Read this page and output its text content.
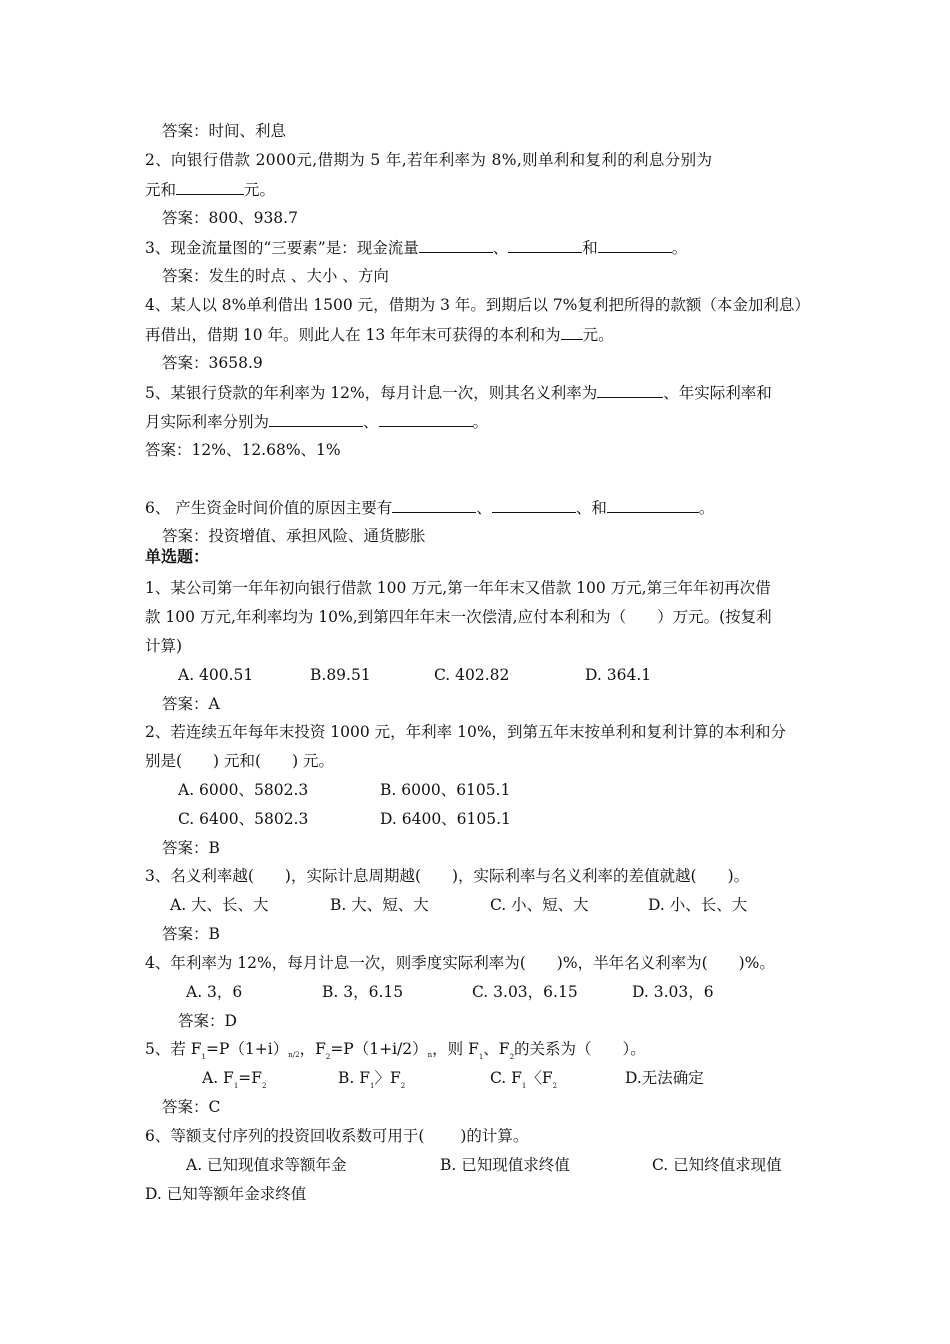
答案：时间、利息
2、向银行借款 2000元,借期为 5 年,若年利率为 8%,则单利和复利的利息分别为
元和	元。
答案：800、938.7
3、现金流量图的“三要素”是：现金流量	、	和	。
答案：发生的时点 、大小 、方向
4、某人以 8%单利借出 1500 元，借期为 3 年。到期后以 7%复利把所得的款额（本金加利息）
再借出，借期 10 年。则此人在 13 年年末可获得的本利和为 元。
答案：3658.9
5、某银行贷款的年利率为 12%，每月计息一次，则其名义利率为	、年实际利率和
月实际利率分别为	、	。
答案：12%、12.68%、1%
6、 产生资金时间价值的原因主要有	、	、和	。
答案：投资增值、承担风险、通货膨胀
单选题：
1、某公司第一年年初向银行借款 100 万元,第一年年末又借款 100 万元,第三年年初再次借
款 100 万元,年利率均为 10%,到第四年年末一次偿清,应付本利和为（　　）万元。(按复利
计算)
A. 400.51	B.89.51	C. 402.82	D. 364.1
答案：A
2、若连续五年每年末投资 1000 元，年利率 10%，到第五年末按单利和复利计算的本利和分
别是(　　) 元和(　　) 元。
A. 6000、5802.3	B. 6000、6105.1
C. 6400、5802.3	D. 6400、6105.1
答案：B
3、名义利率越(　　)，实际计息周期越(　　)，实际利率与名义利率的差值就越(　　)。
A. 大、长、大	B. 大、短、大	C. 小、短、大	D. 小、长、大
答案：B
4、年利率为 12%，每月计息一次，则季度实际利率为(　　)%，半年名义利率为(　　)%。
A. 3，6	B. 3，6.15	C. 3.03，6.15	D. 3.03，6
答案：D
5、若 $F_1=P(1+i)n/2$，$F_2=P(1+i/2)n$，则 $F_1$、$F_2$的关系为（　　）。
A. $F_1=F_2$	B. $F_1$〉$F_2$	C. $F_1$〈$F_2$	D.无法确定
答案：C
6、等额支付序列的投资回收系数可用于(　　 )的计算。
A. 已知现值求等额年金	B. 已知现值求终值	C. 已知终值求现值
D. 已知等额年金求终值
